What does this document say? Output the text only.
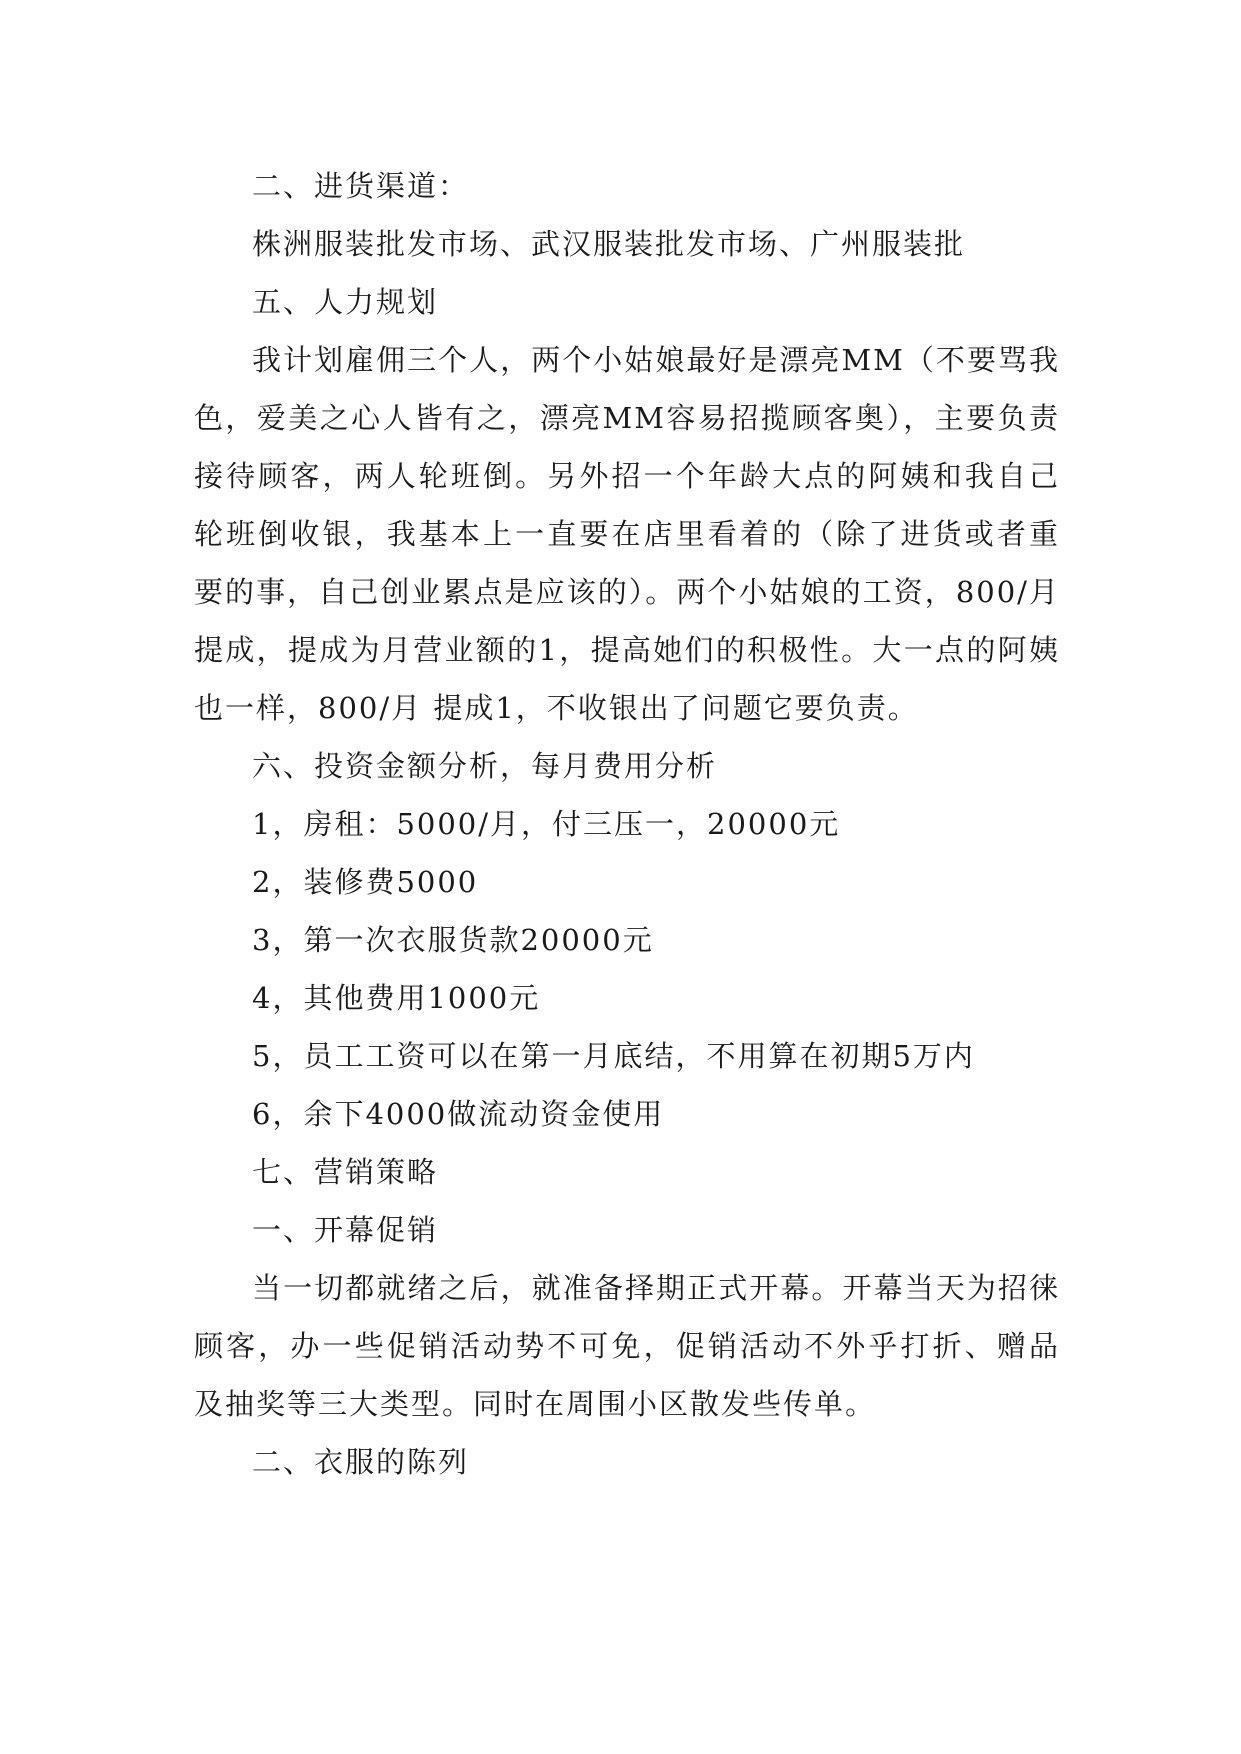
二、进货渠道：

株洲服装批发市场、武汉服装批发市场、广州服装批

五、人力规划

我计划雇佣三个人，两个小姑娘最好是漂亮MM（不要骂我色，爱美之心人皆有之，漂亮MM容易招揽顾客奥），主要负责接待顾客，两人轮班倒。另外招一个年龄大点的阿姨和我自己轮班倒收银，我基本上一直要在店里看着的（除了进货或者重要的事，自己创业累点是应该的）。两个小姑娘的工资，800/月 提成，提成为月营业额的1，提高她们的积极性。大一点的阿姨也一样，800/月 提成1，不收银出了问题它要负责。

六、投资金额分析，每月费用分析

1，房租：5000/月，付三压一，20000元

2，装修费5000

3，第一次衣服货款20000元

4，其他费用1000元

5，员工工资可以在第一月底结，不用算在初期5万内

6，余下4000做流动资金使用

七、营销策略

一、开幕促销

当一切都就绪之后，就准备择期正式开幕。开幕当天为招徕顾客，办一些促销活动势不可免，促销活动不外乎打折、赠品及抽奖等三大类型。同时在周围小区散发些传单。

二、衣服的陈列
